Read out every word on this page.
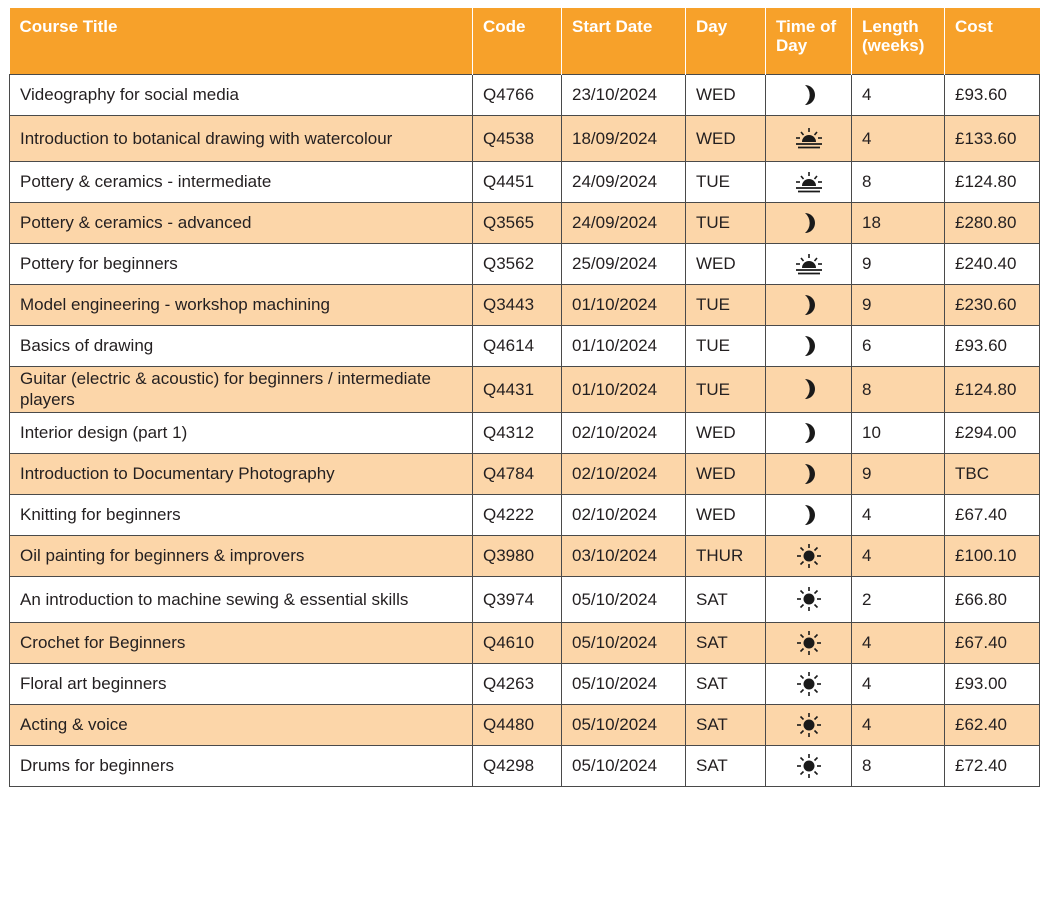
Course Title	Code	Start Date	Day	Time of Day	Length (weeks)	Cost
Videography for social media	Q4766	23/10/2024	WED		4	£93.60
Introduction to botanical drawing with watercolour	Q4538	18/09/2024	WED		4	£133.60
Pottery & ceramics - intermediate	Q4451	24/09/2024	TUE		8	£124.80
Pottery & ceramics - advanced	Q3565	24/09/2024	TUE		18	£280.80
Pottery for beginners	Q3562	25/09/2024	WED		9	£240.40
Model engineering - workshop machining	Q3443	01/10/2024	TUE		9	£230.60
Basics of drawing	Q4614	01/10/2024	TUE		6	£93.60
Guitar (electric & acoustic) for beginners / intermediate players	Q4431	01/10/2024	TUE		8	£124.80
Interior design (part 1)	Q4312	02/10/2024	WED		10	£294.00
Introduction to Documentary Photography	Q4784	02/10/2024	WED		9	TBC
Knitting for beginners	Q4222	02/10/2024	WED		4	£67.40
Oil painting for beginners & improvers	Q3980	03/10/2024	THUR		4	£100.10
An introduction to machine sewing & essential skills	Q3974	05/10/2024	SAT		2	£66.80
Crochet for Beginners	Q4610	05/10/2024	SAT		4	£67.40
Floral art beginners	Q4263	05/10/2024	SAT		4	£93.00
Acting & voice	Q4480	05/10/2024	SAT		4	£62.40
Drums for beginners	Q4298	05/10/2024	SAT		8	£72.40
